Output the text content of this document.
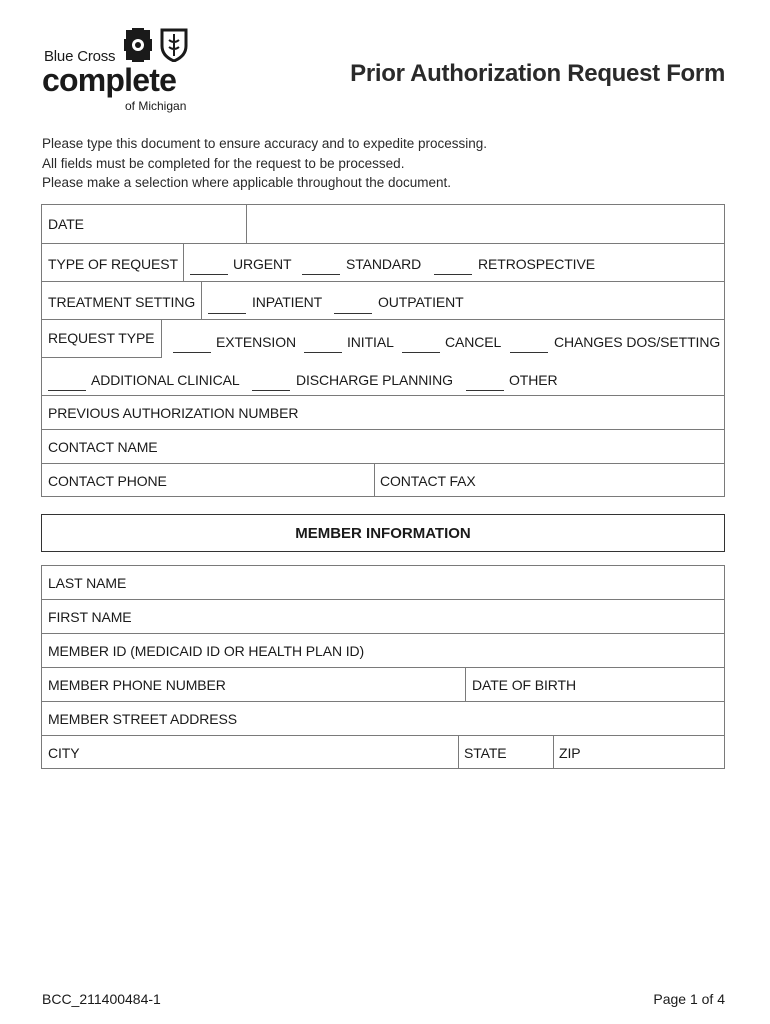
Blue Cross
complete
of Michigan
Prior Authorization Request Form
Please type this document to ensure accuracy and to expedite processing.
All fields must be completed for the request to be processed.
Please make a selection where applicable throughout the document.
DATE
TYPE OF REQUEST	URGENT	STANDARD	RETROSPECTIVE
TREATMENT SETTING	INPATIENT	OUTPATIENT
REQUEST TYPE	EXTENSION	INITIAL	CANCEL	CHANGES DOS/SETTING
ADDITIONAL CLINICAL	DISCHARGE PLANNING	OTHER
PREVIOUS AUTHORIZATION NUMBER
CONTACT NAME
CONTACT PHONE	CONTACT FAX
MEMBER INFORMATION
LAST NAME
FIRST NAME
MEMBER ID (MEDICAID ID OR HEALTH PLAN ID)
MEMBER PHONE NUMBER	DATE OF BIRTH
MEMBER STREET ADDRESS
CITY	STATE	ZIP
BCC_211400484-1	Page 1 of 4
